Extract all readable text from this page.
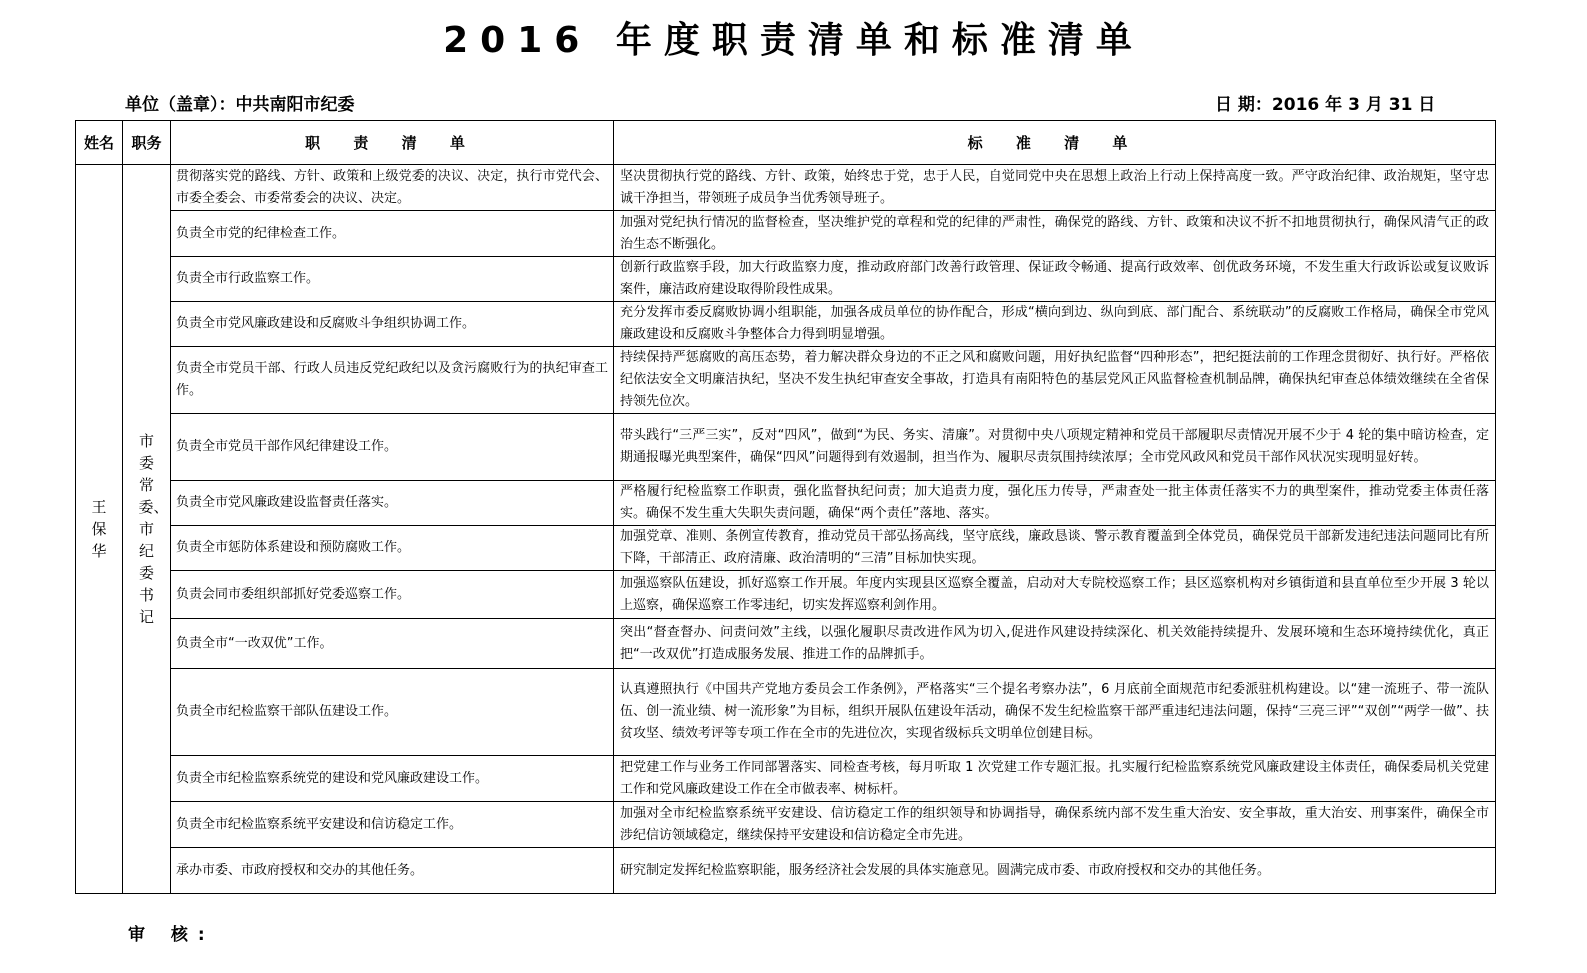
2016 年度职责清单和标准清单
单位（盖章）：中共南阳市纪委	日 期：2016 年 3 月 31 日
姓名	职务	职 责 清 单	标 准 清 单

王保华	市委常委、市纪委书记	贯彻落实党的路线、方针、政策和上级党委的决议、决定，执行市党代会、市委全委会、市委常委会的决议、决定。	坚决贯彻执行党的路线、方针、政策，始终忠于党，忠于人民，自觉同党中央在思想上政治上行动上保持高度一致。严守政治纪律、政治规矩，坚守忠诚干净担当，带领班子成员争当优秀领导班子。
		负责全市党的纪律检查工作。	加强对党纪执行情况的监督检查，坚决维护党的章程和党的纪律的严肃性，确保党的路线、方针、政策和决议不折不扣地贯彻执行，确保风清气正的政治生态不断强化。
		负责全市行政监察工作。	创新行政监察手段，加大行政监察力度，推动政府部门改善行政管理、保证政令畅通、提高行政效率、创优政务环境，不发生重大行政诉讼或复议败诉案件，廉洁政府建设取得阶段性成果。
		负责全市党风廉政建设和反腐败斗争组织协调工作。	充分发挥市委反腐败协调小组职能，加强各成员单位的协作配合，形成“横向到边、纵向到底、部门配合、系统联动”的反腐败工作格局，确保全市党风廉政建设和反腐败斗争整体合力得到明显增强。
		负责全市党员干部、行政人员违反党纪政纪以及贪污腐败行为的执纪审查工作。	持续保持严惩腐败的高压态势，着力解决群众身边的不正之风和腐败问题，用好执纪监督“四种形态”，把纪挺法前的工作理念贯彻好、执行好。严格依纪依法安全文明廉洁执纪，坚决不发生执纪审查安全事故，打造具有南阳特色的基层党风正风监督检查机制品牌，确保执纪审查总体绩效继续在全省保持领先位次。
		负责全市党员干部作风纪律建设工作。	带头践行“三严三实”，反对“四风”，做到“为民、务实、清廉”。对贯彻中央八项规定精神和党员干部履职尽责情况开展不少于 4 轮的集中暗访检查，定期通报曝光典型案件，确保“四风”问题得到有效遏制，担当作为、履职尽责氛围持续浓厚；全市党风政风和党员干部作风状况实现明显好转。
		负责全市党风廉政建设监督责任落实。	严格履行纪检监察工作职责，强化监督执纪问责；加大追责力度，强化压力传导，严肃查处一批主体责任落实不力的典型案件，推动党委主体责任落实。确保不发生重大失职失责问题，确保“两个责任”落地、落实。
		负责全市惩防体系建设和预防腐败工作。	加强党章、准则、条例宣传教育，推动党员干部弘扬高线，坚守底线，廉政恳谈、警示教育覆盖到全体党员，确保党员干部新发违纪违法问题同比有所下降，干部清正、政府清廉、政治清明的“三清”目标加快实现。
		负责会同市委组织部抓好党委巡察工作。	加强巡察队伍建设，抓好巡察工作开展。年度内实现县区巡察全覆盖，启动对大专院校巡察工作；县区巡察机构对乡镇街道和县直单位至少开展 3 轮以上巡察，确保巡察工作零违纪，切实发挥巡察利剑作用。
		负责全市“一改双优”工作。	突出“督查督办、问责问效”主线，以强化履职尽责改进作风为切入,促进作风建设持续深化、机关效能持续提升、发展环境和生态环境持续优化，真正把“一改双优”打造成服务发展、推进工作的品牌抓手。
		负责全市纪检监察干部队伍建设工作。	认真遵照执行《中国共产党地方委员会工作条例》，严格落实“三个提名考察办法”，6 月底前全面规范市纪委派驻机构建设。以“建一流班子、带一流队伍、创一流业绩、树一流形象”为目标，组织开展队伍建设年活动，确保不发生纪检监察干部严重违纪违法问题，保持“三亮三评”“双创”“两学一做”、扶贫攻坚、绩效考评等专项工作在全市的先进位次，实现省级标兵文明单位创建目标。
		负责全市纪检监察系统党的建设和党风廉政建设工作。	把党建工作与业务工作同部署落实、同检查考核，每月听取 1 次党建工作专题汇报。扎实履行纪检监察系统党风廉政建设主体责任，确保委局机关党建工作和党风廉政建设工作在全市做表率、树标杆。
		负责全市纪检监察系统平安建设和信访稳定工作。	加强对全市纪检监察系统平安建设、信访稳定工作的组织领导和协调指导，确保系统内部不发生重大治安、安全事故，重大治安、刑事案件，确保全市涉纪信访领域稳定，继续保持平安建设和信访稳定全市先进。
		承办市委、市政府授权和交办的其他任务。	研究制定发挥纪检监察职能，服务经济社会发展的具体实施意见。圆满完成市委、市政府授权和交办的其他任务。
审 核:
